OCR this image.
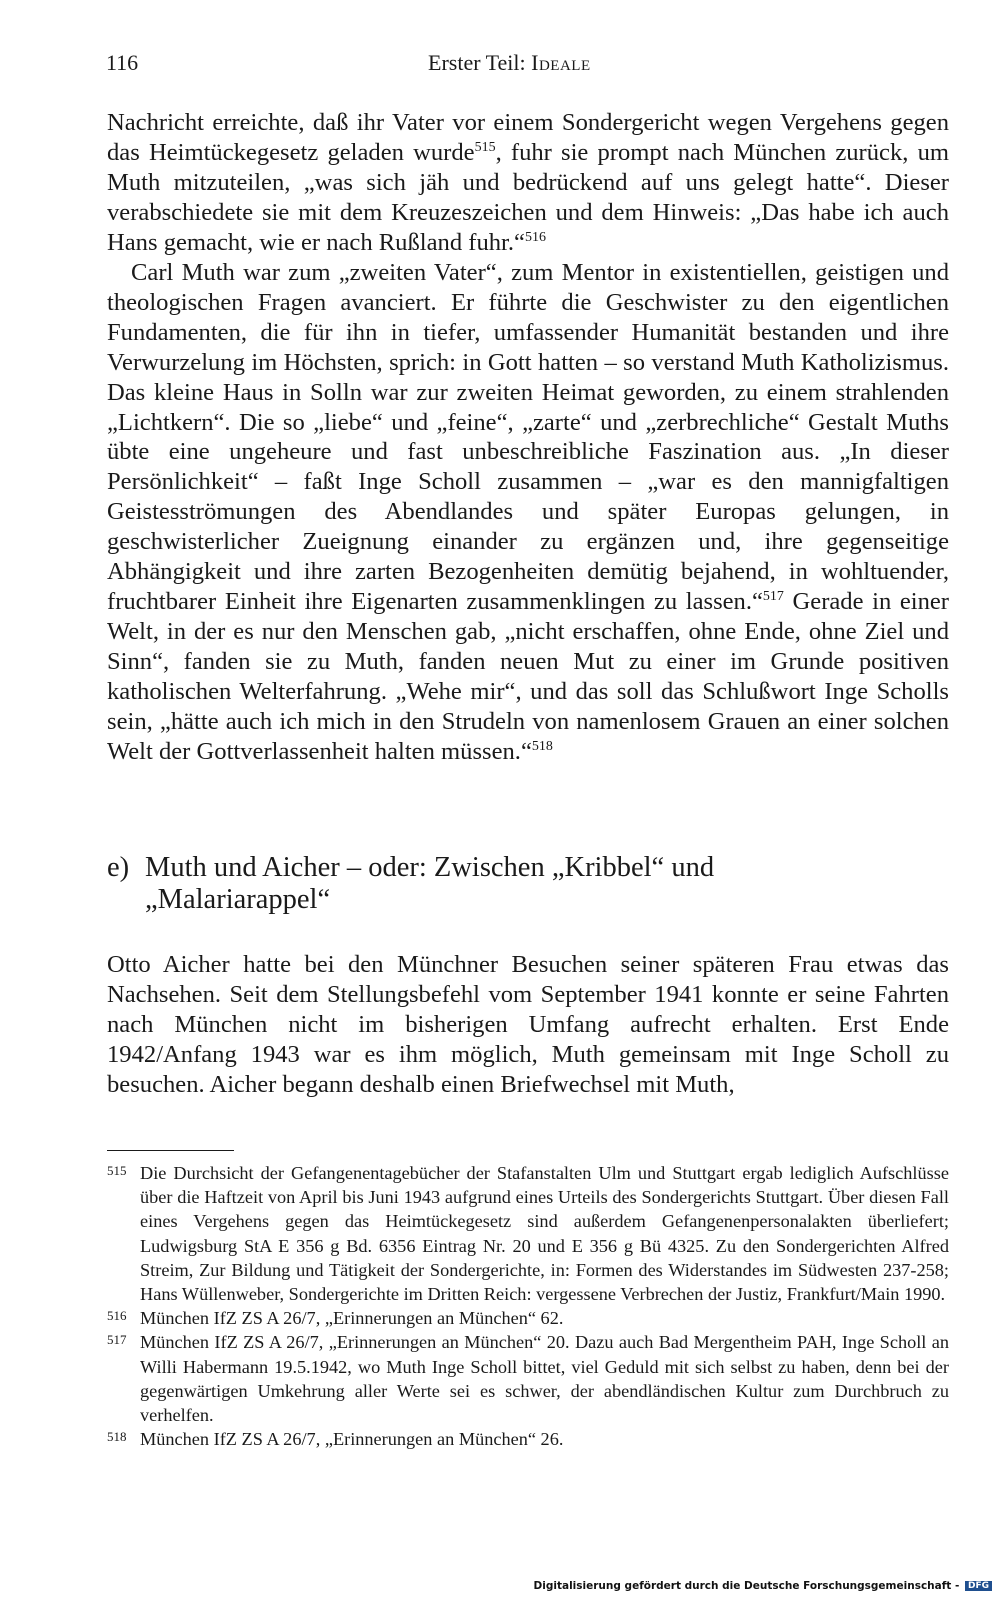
116	Erster Teil: Ideale

Nachricht erreichte, daß ihr Vater vor einem Sondergericht wegen Vergehens gegen das Heimtückegesetz geladen wurde$^{515}$, fuhr sie prompt nach München zurück, um Muth mitzuteilen, „was sich jäh und bedrückend auf uns gelegt hatte“. Dieser verabschiedete sie mit dem Kreuzeszeichen und dem Hinweis: „Das habe ich auch Hans gemacht, wie er nach Rußland fuhr.“$^{516}$

Carl Muth war zum „zweiten Vater“, zum Mentor in existentiellen, geistigen und theologischen Fragen avanciert. Er führte die Geschwister zu den eigentlichen Fundamenten, die für ihn in tiefer, umfassender Humanität bestanden und ihre Verwurzelung im Höchsten, sprich: in Gott hatten – so verstand Muth Katholizismus. Das kleine Haus in Solln war zur zweiten Heimat geworden, zu einem strahlenden „Lichtkern“. Die so „liebe“ und „feine“, „zarte“ und „zerbrechliche“ Gestalt Muths übte eine ungeheure und fast unbeschreibliche Faszination aus. „In dieser Persönlichkeit“ – faßt Inge Scholl zusammen – „war es den mannigfaltigen Geistesströmungen des Abendlandes und später Europas gelungen, in geschwisterlicher Zueignung einander zu ergänzen und, ihre gegenseitige Abhängigkeit und ihre zarten Bezogenheiten demütig bejahend, in wohltuender, fruchtbarer Einheit ihre Eigenarten zusammenklingen zu lassen.“$^{517}$ Gerade in einer Welt, in der es nur den Menschen gab, „nicht erschaffen, ohne Ende, ohne Ziel und Sinn“, fanden sie zu Muth, fanden neuen Mut zu einer im Grunde positiven katholischen Welterfahrung. „Wehe mir“, und das soll das Schlußwort Inge Scholls sein, „hätte auch ich mich in den Strudeln von namenlosem Grauen an einer solchen Welt der Gottverlassenheit halten müssen.“$^{518}$

e) Muth und Aicher – oder: Zwischen „Kribbel“ und
„Malariarappel“

Otto Aicher hatte bei den Münchner Besuchen seiner späteren Frau etwas das Nachsehen. Seit dem Stellungsbefehl vom September 1941 konnte er seine Fahrten nach München nicht im bisherigen Umfang aufrecht erhalten. Erst Ende 1942/Anfang 1943 war es ihm möglich, Muth gemeinsam mit Inge Scholl zu besuchen. Aicher begann deshalb einen Briefwechsel mit Muth,

515 Die Durchsicht der Gefangenentagebücher der Stafanstalten Ulm und Stuttgart ergab lediglich Aufschlüsse über die Haftzeit von April bis Juni 1943 aufgrund eines Urteils des Sondergerichts Stuttgart. Über diesen Fall eines Vergehens gegen das Heimtückegesetz sind außerdem Gefangenenpersonalakten überliefert; Ludwigsburg StA E 356 g Bd. 6356 Eintrag Nr. 20 und E 356 g Bü 4325. Zu den Sondergerichten Alfred Streim, Zur Bildung und Tätigkeit der Sondergerichte, in: Formen des Widerstandes im Südwesten 237-258; Hans Wüllenweber, Sondergerichte im Dritten Reich: vergessene Verbrechen der Justiz, Frankfurt/Main 1990.
516 München IfZ ZS A 26/7, „Erinnerungen an München“ 62.
517 München IfZ ZS A 26/7, „Erinnerungen an München“ 20. Dazu auch Bad Mergentheim PAH, Inge Scholl an Willi Habermann 19.5.1942, wo Muth Inge Scholl bittet, viel Geduld mit sich selbst zu haben, denn bei der gegenwärtigen Umkehrung aller Werte sei es schwer, der abendländischen Kultur zum Durchbruch zu verhelfen.
518 München IfZ ZS A 26/7, „Erinnerungen an München“ 26.
Digitalisierung gefördert durch die Deutsche Forschungsgemeinschaft - DFG
